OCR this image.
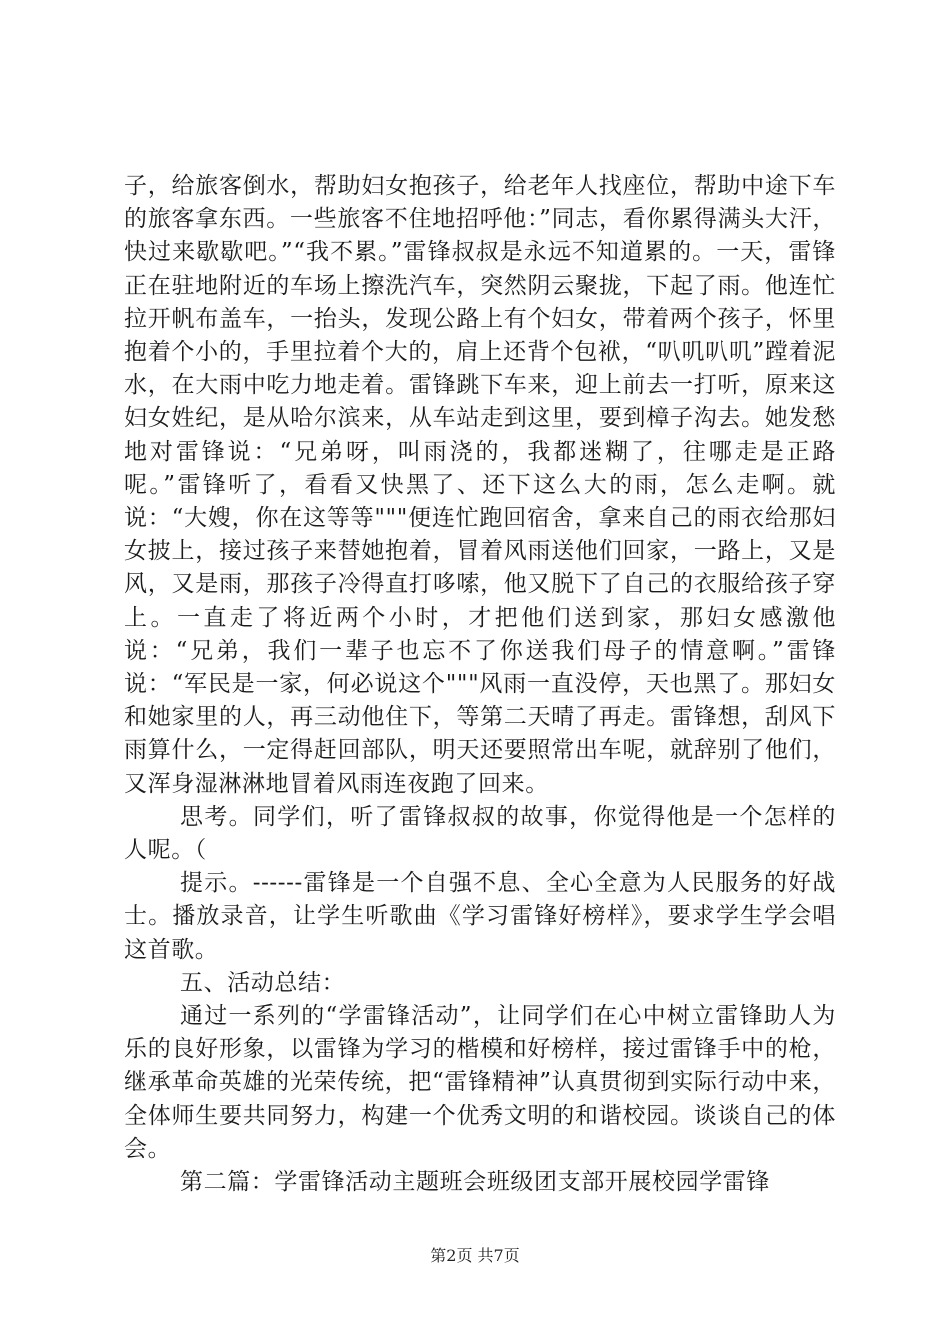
子，给旅客倒水，帮助妇女抱孩子，给老年人找座位，帮助中途下车的旅客拿东西。一些旅客不住地招呼他：”同志，看你累得满头大汗，快过来歇歇吧。”“我不累。”雷锋叔叔是永远不知道累的。一天，雷锋正在驻地附近的车场上擦洗汽车，突然阴云聚拢，下起了雨。他连忙拉开帆布盖车，一抬头，发现公路上有个妇女，带着两个孩子，怀里抱着个小的，手里拉着个大的，肩上还背个包袱，“叭叽叭叽”蹚着泥水，在大雨中吃力地走着。雷锋跳下车来，迎上前去一打听，原来这妇女姓纪，是从哈尔滨来，从车站走到这里，要到樟子沟去。她发愁地对雷锋说：“兄弟呀，叫雨浇的，我都迷糊了，往哪走是正路呢。”雷锋听了，看看又快黑了、还下这么大的雨，怎么走啊。就说：“大嫂，你在这等等"""便连忙跑回宿舍，拿来自己的雨衣给那妇女披上，接过孩子来替她抱着，冒着风雨送他们回家，一路上，又是风，又是雨，那孩子冷得直打哆嗦，他又脱下了自己的衣服给孩子穿上。一直走了将近两个小时，才把他们送到家，那妇女感激他说：“兄弟，我们一辈子也忘不了你送我们母子的情意啊。”雷锋说：“军民是一家，何必说这个"""风雨一直没停，天也黑了。那妇女和她家里的人，再三动他住下，等第二天晴了再走。雷锋想，刮风下雨算什么，一定得赶回部队，明天还要照常出车呢，就辞别了他们，又浑身湿淋淋地冒着风雨连夜跑了回来。

思考。同学们，听了雷锋叔叔的故事，你觉得他是一个怎样的人呢。（

提示。------雷锋是一个自强不息、全心全意为人民服务的好战士。播放录音，让学生听歌曲《学习雷锋好榜样》，要求学生学会唱这首歌。

五、活动总结：

通过一系列的“学雷锋活动”，让同学们在心中树立雷锋助人为乐的良好形象，以雷锋为学习的楷模和好榜样，接过雷锋手中的枪，继承革命英雄的光荣传统，把“雷锋精神”认真贯彻到实际行动中来，全体师生要共同努力，构建一个优秀文明的和谐校园。谈谈自己的体会。

第二篇：学雷锋活动主题班会班级团支部开展校园学雷锋

第2页 共7页
